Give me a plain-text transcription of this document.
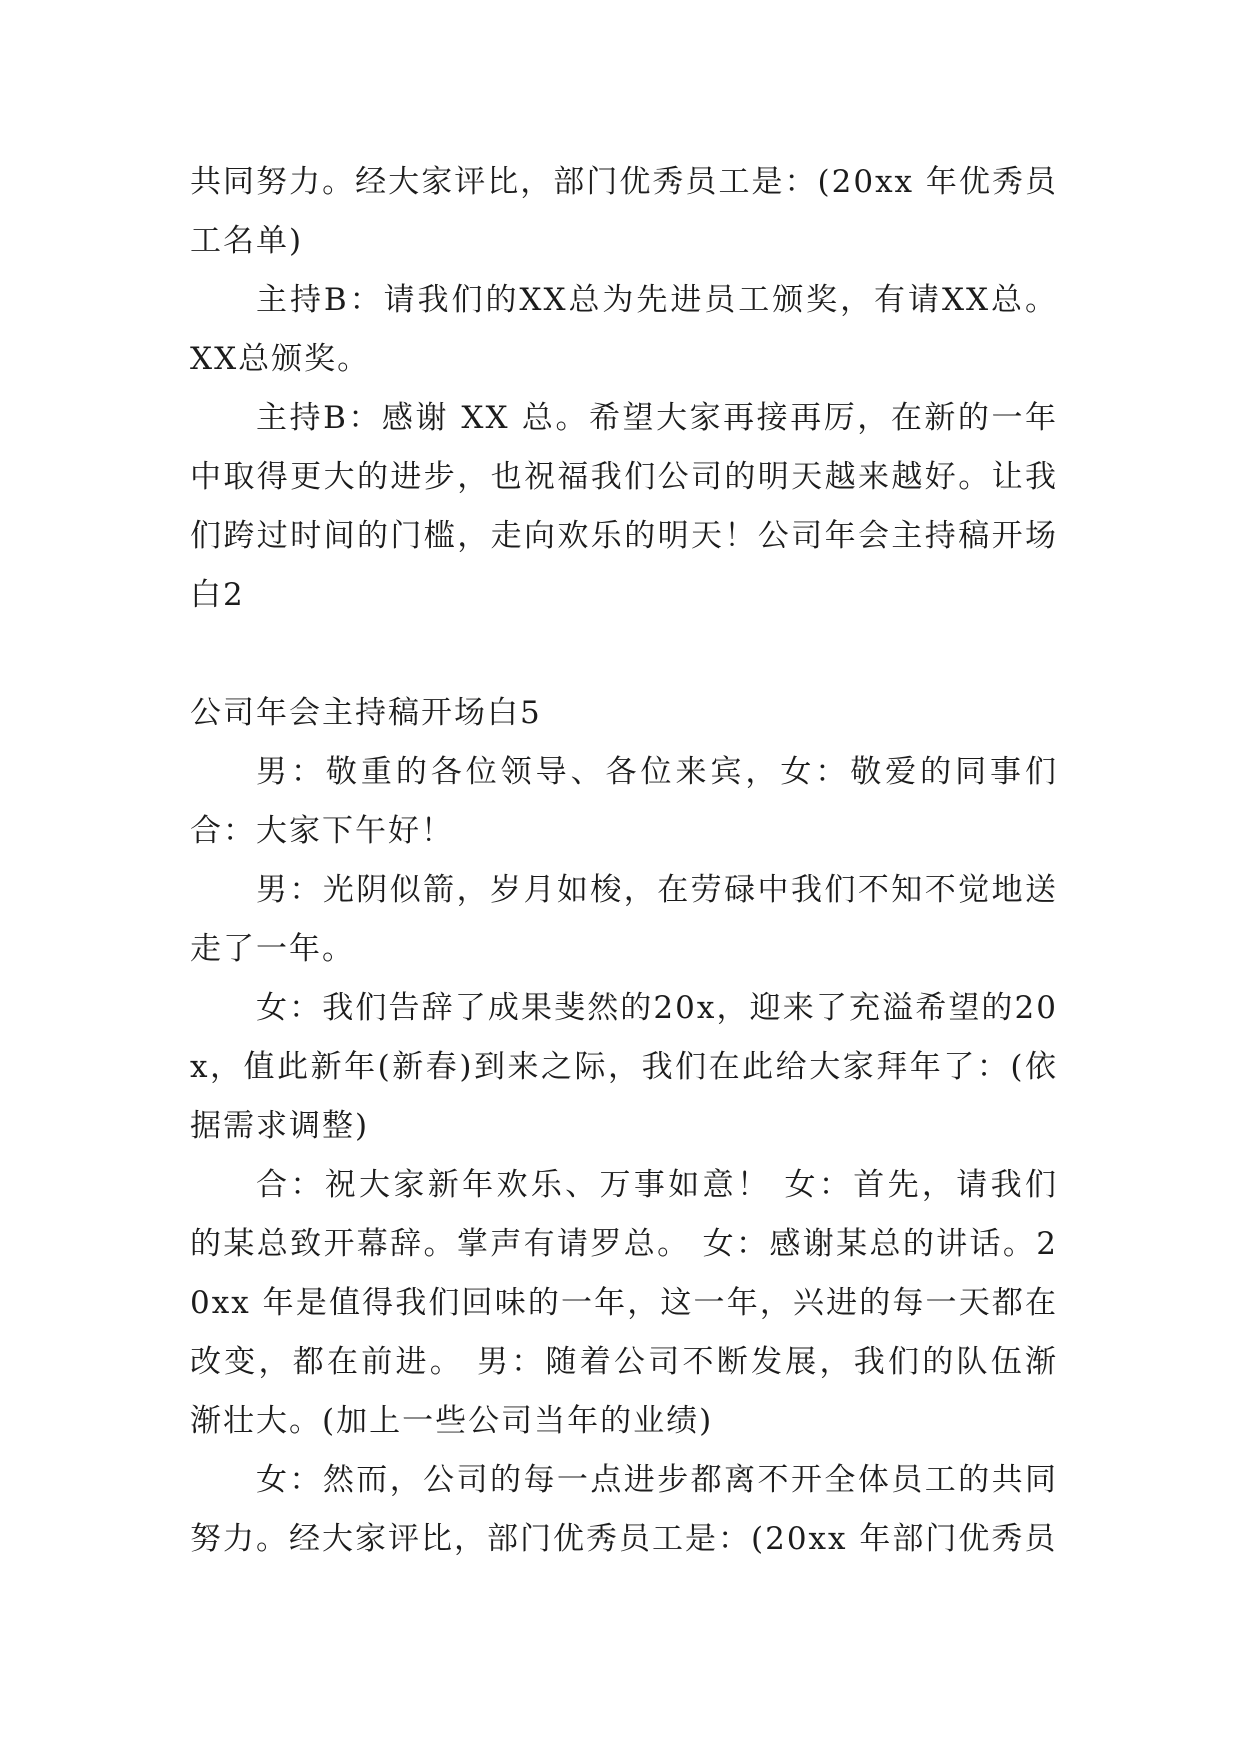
共同努力。经大家评比，部门优秀员工是：(20xx 年优秀员工名单)

主持B：请我们的XX总为先进员工颁奖，有请XX总。 XX总颁奖。

主持B：感谢 XX 总。希望大家再接再厉，在新的一年中取得更大的进步，也祝福我们公司的明天越来越好。让我们跨过时间的门槛，走向欢乐的明天！公司年会主持稿开场白2

公司年会主持稿开场白5

男：敬重的各位领导、各位来宾，女：敬爱的同事们合：大家下午好！

男：光阴似箭，岁月如梭，在劳碌中我们不知不觉地送走了一年。

女：我们告辞了成果斐然的20x，迎来了充溢希望的20x，值此新年(新春)到来之际，我们在此给大家拜年了：(依据需求调整)

合：祝大家新年欢乐、万事如意！ 女：首先，请我们的某总致开幕辞。掌声有请罗总。 女：感谢某总的讲话。20xx 年是值得我们回味的一年，这一年，兴进的每一天都在改变，都在前进。 男：随着公司不断发展，我们的队伍渐渐壮大。(加上一些公司当年的业绩)

女：然而，公司的每一点进步都离不开全体员工的共同努力。经大家评比，部门优秀员工是：(20xx 年部门优秀员
